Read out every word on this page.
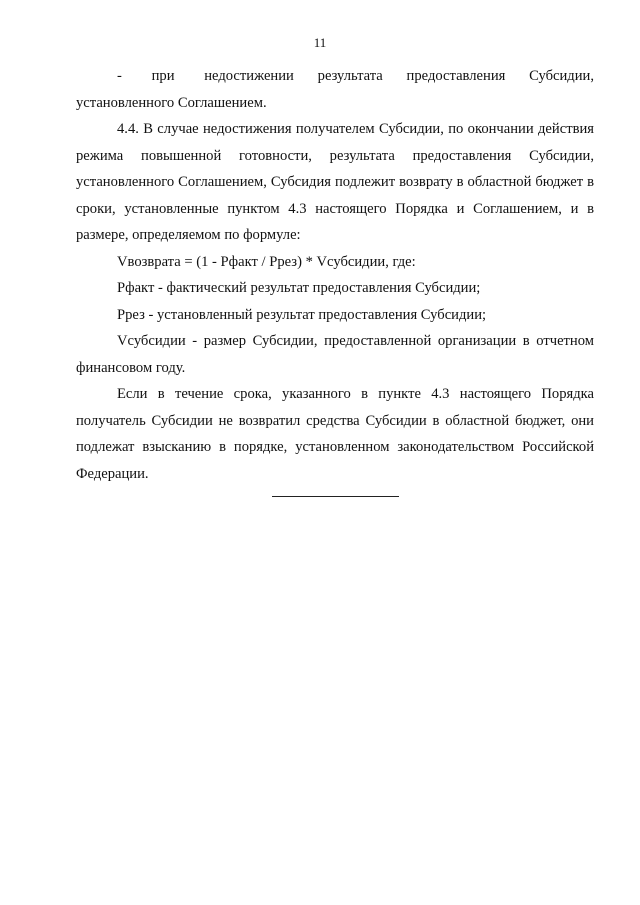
11

-     при     недостижении    результата    предоставления    Субсидии, установленного Соглашением.

4.4. В случае недостижения получателем Субсидии, по окончании действия режима повышенной готовности, результата предоставления Субсидии, установленного Соглашением, Субсидия подлежит возврату в областной бюджет в сроки, установленные пунктом 4.3 настоящего Порядка и Соглашением, и в размере, определяемом по формуле:

Vвозврата = (1 - Pфакт / Pрез) * Vсубсидии, где:

Pфакт - фактический результат предоставления Субсидии;

Pрез - установленный результат предоставления Субсидии;

Vсубсидии - размер Субсидии, предоставленной организации в отчетном финансовом году.

Если в течение срока, указанного в пункте 4.3 настоящего Порядка получатель Субсидии не возвратил средства Субсидии в областной бюджет, они подлежат взысканию в порядке, установленном законодательством Российской Федерации.
